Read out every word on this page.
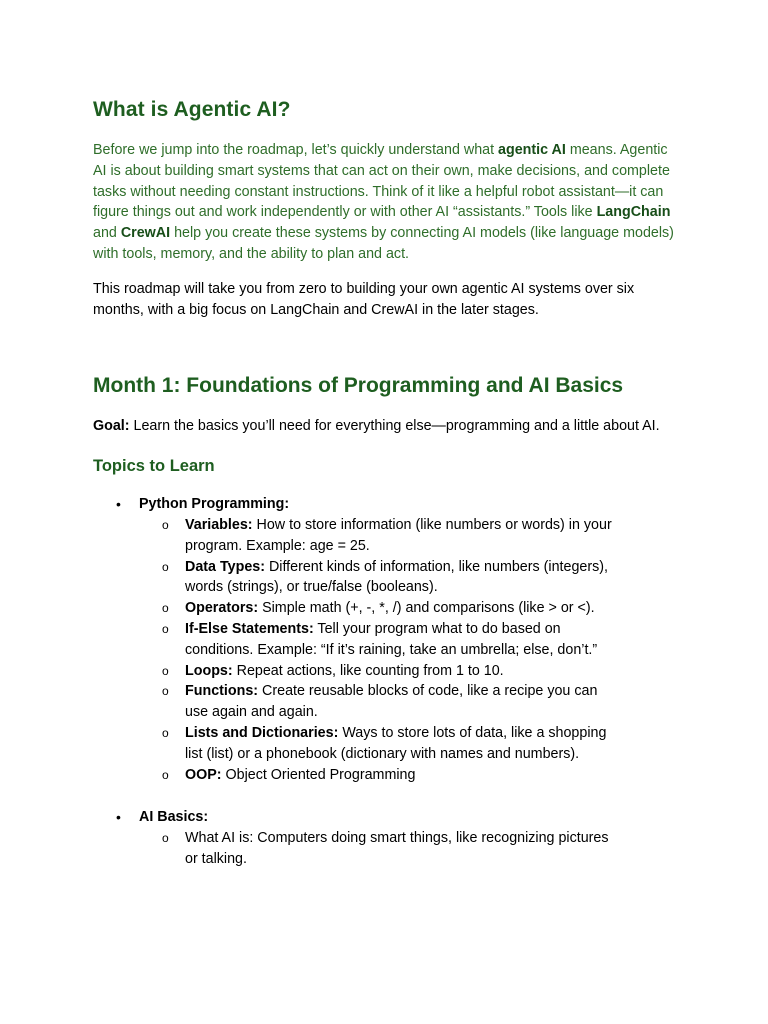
What is Agentic AI?

Before we jump into the roadmap, let’s quickly understand what agentic AI means. Agentic AI is about building smart systems that can act on their own, make decisions, and complete tasks without needing constant instructions. Think of it like a helpful robot assistant—it can figure things out and work independently or with other AI “assistants.” Tools like LangChain and CrewAI help you create these systems by connecting AI models (like language models) with tools, memory, and the ability to plan and act.

This roadmap will take you from zero to building your own agentic AI systems over six months, with a big focus on LangChain and CrewAI in the later stages.

Month 1: Foundations of Programming and AI Basics

Goal: Learn the basics you’ll need for everything else—programming and a little about AI.

Topics to Learn
• Python Programming:
o Variables: How to store information (like numbers or words) in your program. Example: age = 25.
o Data Types: Different kinds of information, like numbers (integers), words (strings), or true/false (booleans).
o Operators: Simple math (+, -, *, /) and comparisons (like > or <).
o If-Else Statements: Tell your program what to do based on conditions. Example: “If it’s raining, take an umbrella; else, don’t.”
o Loops: Repeat actions, like counting from 1 to 10.
o Functions: Create reusable blocks of code, like a recipe you can use again and again.
o Lists and Dictionaries: Ways to store lots of data, like a shopping list (list) or a phonebook (dictionary with names and numbers).
o OOP: Object Oriented Programming
• AI Basics:
o What AI is: Computers doing smart things, like recognizing pictures or talking.
